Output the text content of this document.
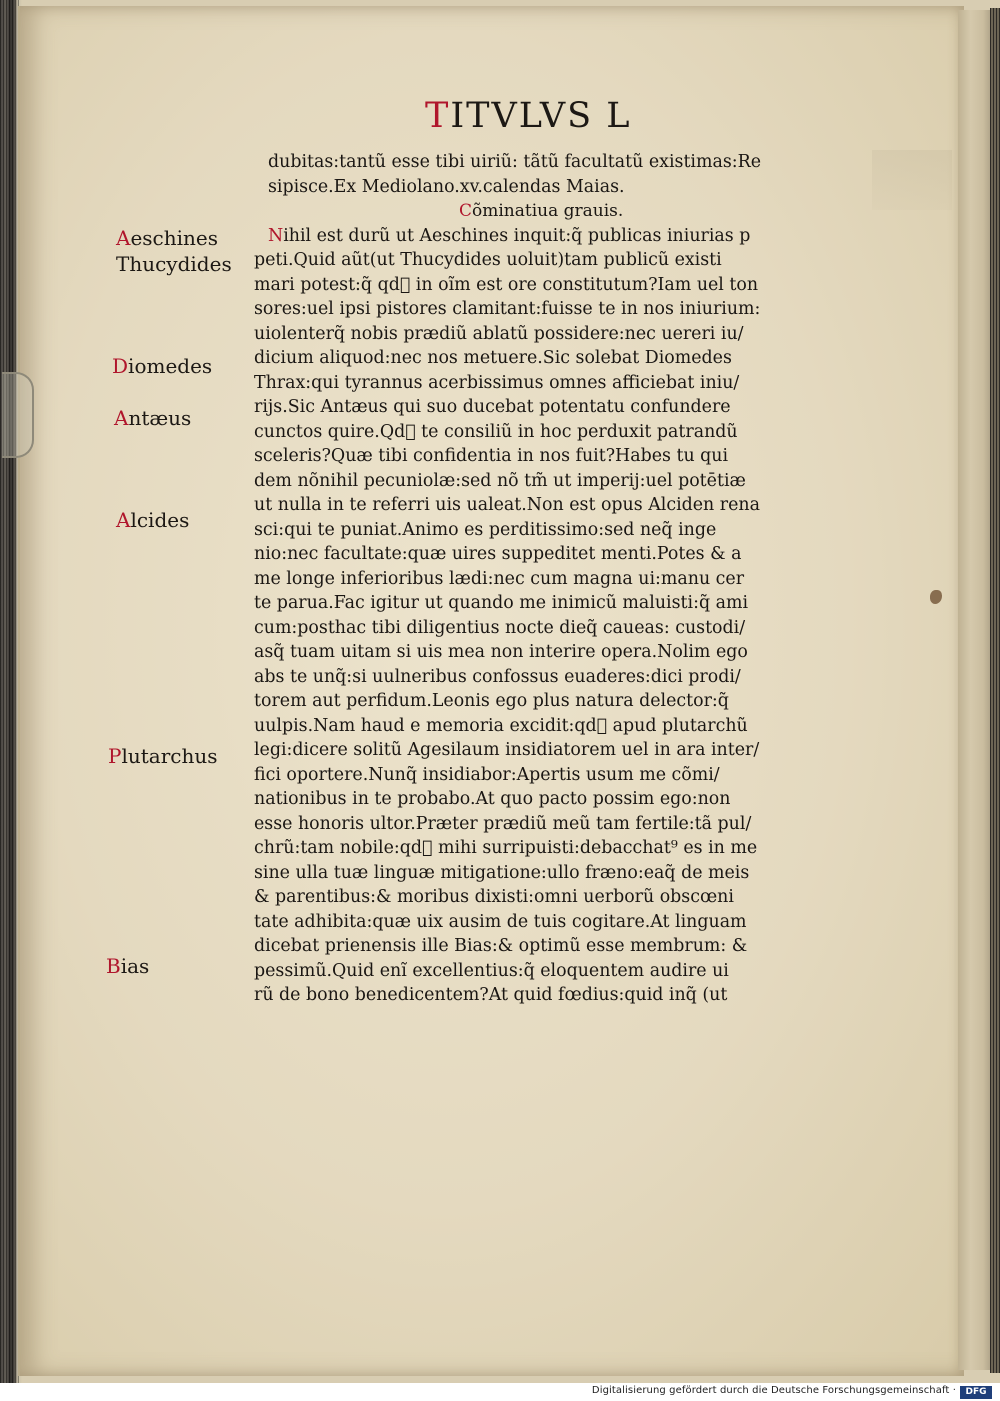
TITVLVS L
Aeschines
Thucydides
Diomedes
Antæus
Alcides
Plutarchus
Bias
dubitas:tantũ esse tibi uiriũ: tãtũ facultatũ existimas:Re
sipisce.Ex Mediolano.xv.calendas Maias.
Cõminatiua grauis.
Nihil est durũ ut Aeschines inquit:q̃ publicas iniurias p
peti.Quid aũt(ut Thucydides uoluit)tam publicũ existi
mari potest:q̃ qd᷑ in oĩm est ore constitutum?Iam uel ton
sores:uel ipsi pistores clamitant:fuisse te in nos iniurium:
uiolenterq̃ nobis prædiũ ablatũ possidere:nec uereri iu/
dicium aliquod:nec nos metuere.Sic solebat Diomedes
Thrax:qui tyrannus acerbissimus omnes afficiebat iniu/
rijs.Sic Antæus qui suo ducebat potentatu confundere
cunctos quire.Qd᷑ te consiliũ in hoc perduxit patrandũ
sceleris?Quæ tibi confidentia in nos fuit?Habes tu qui
dem nõnihil pecuniolæ:sed nõ tm̃ ut imperij:uel potētiæ
ut nulla in te referri uis ualeat.Non est opus Alciden rena
sci:qui te puniat.Animo es perditissimo:sed neq̃ inge
nio:nec facultate:quæ uires suppeditet menti.Potes & a
me longe inferioribus lædi:nec cum magna ui:manu cer
te parua.Fac igitur ut quando me inimicũ maluisti:q̃ ami
cum:posthac tibi diligentius nocte dieq̃ caueas: custodi/
asq̃ tuam uitam si uis mea non interire opera.Nolim ego
abs te unq̃:si uulneribus confossus euaderes:dici prodi/
torem aut perfidum.Leonis ego plus natura delector:q̃
uulpis.Nam haud e memoria excidit:qd᷑ apud plutarchũ
legi:dicere solitũ Agesilaum insidiatorem uel in ara inter/
fici oportere.Nunq̃ insidiabor:Apertis usum me cõmi/
nationibus in te probabo.At quo pacto possim ego:non
esse honoris ultor.Præter prædiũ meũ tam fertile:tã pul/
chrũ:tam nobile:qd᷑ mihi surripuisti:debacchat⁹ es in me
sine ulla tuæ linguæ mitigatione:ullo fræno:eaq̃ de meis
& parentibus:& moribus dixisti:omni uerborũ obscœni
tate adhibita:quæ uix ausim de tuis cogitare.At linguam
dicebat prienensis ille Bias:& optimũ esse membrum: &
pessimũ.Quid enĩ excellentius:q̃ eloquentem audire ui
rũ de bono benedicentem?At quid fœdius:quid inq̃ (ut
Digitalisierung gefördert durch die Deutsche Forschungsgemeinschaft ·	DFG
